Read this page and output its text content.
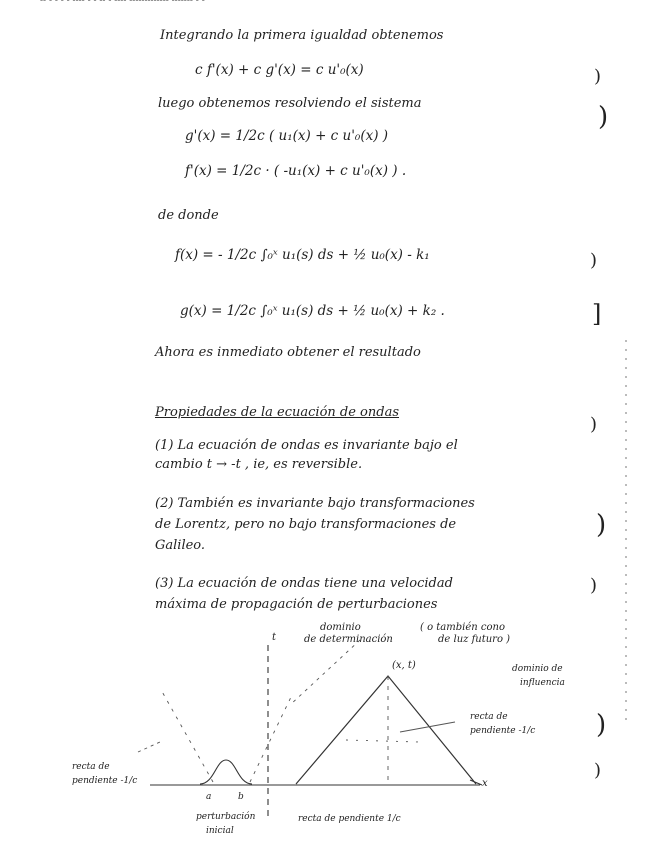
-- - - - - ---- - - -- - ---- ------------- ------- - -
Integrando la primera igualdad obtenemos
c f'(x) + c g'(x) = c u'₀(x)
luego obtenemos resolviendo el sistema
g'(x) = 1/2c ( u₁(x) + c u'₀(x) )
f'(x) = 1/2c · ( -u₁(x) + c u'₀(x) ) .
de donde
f(x) = - 1/2c ∫₀ˣ u₁(s) ds + ½ u₀(x) - k₁
g(x) = 1/2c ∫₀ˣ u₁(s) ds + ½ u₀(x) + k₂ .
Ahora es inmediato obtener el resultado
Propiedades de la ecuación de ondas
(1) La ecuación de ondas es invariante bajo el
cambio t → -t , ie, es reversible.
(2) También es invariante bajo transformaciones
de Lorentz, pero no bajo transformaciones de
Galileo.
(3) La ecuación de ondas tiene una velocidad
máxima de propagación de perturbaciones
)
)
)
]
)
)
)
)
)
t
x
dominio
de determinación
( o también cono
de luz futuro )
(x, t)	dominio de
influencia
recta de
pendiente -1/c
recta de
pendiente -1/c
a	b
perturbación
inicial
recta de pendiente 1/c
